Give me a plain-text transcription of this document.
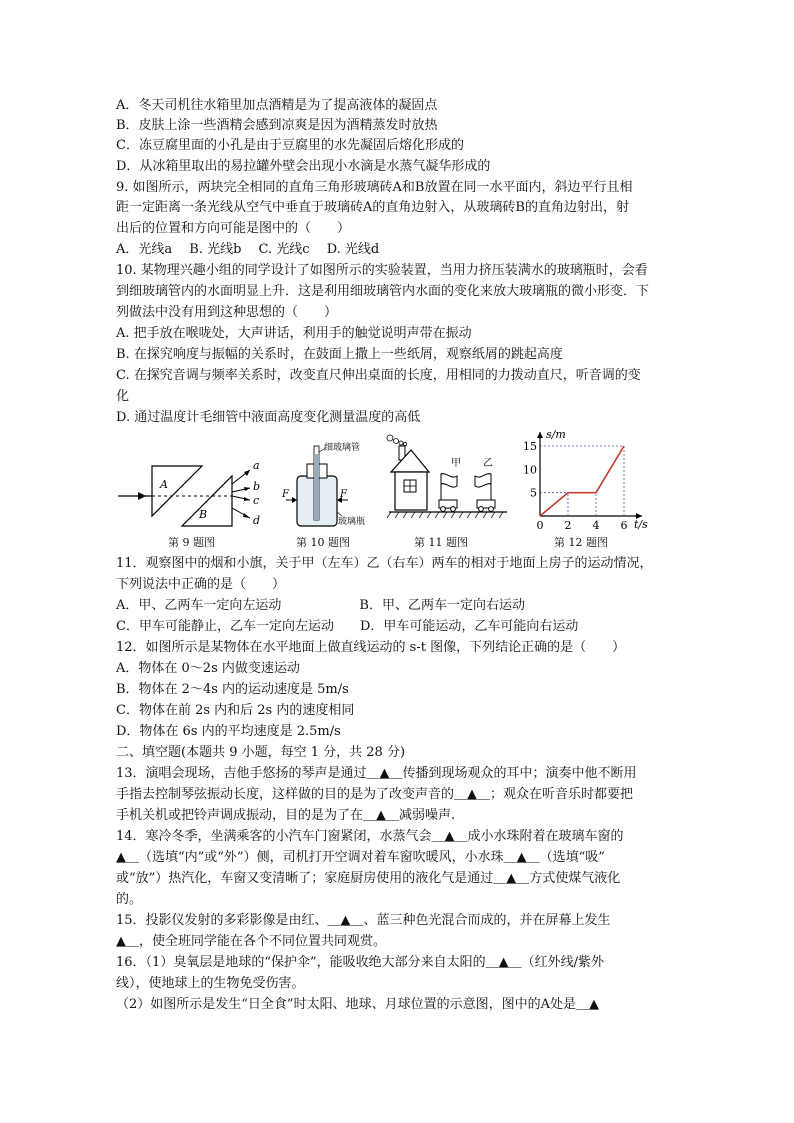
A．冬天司机往水箱里加点酒精是为了提高液体的凝固点
B．皮肤上涂一些酒精会感到凉爽是因为酒精蒸发时放热
C．冻豆腐里面的小孔是由于豆腐里的水先凝固后熔化形成的
D．从冰箱里取出的易拉罐外壁会出现小水滴是水蒸气凝华形成的
9. 如图所示，两块完全相同的直角三角形玻璃砖A和B放置在同一水平面内，斜边平行且相
距一定距离一条光线从空气中垂直于玻璃砖A的直角边射入，从玻璃砖B的直角边射出，射
出后的位置和方向可能是图中的（　　）
A．光线a　 B. 光线b　 C. 光线c　 D. 光线d
10. 某物理兴趣小组的同学设计了如图所示的实验装置，当用力挤压装满水的玻璃瓶时，会看
到细玻璃管内的水面明显上升．这是利用细玻璃管内水面的变化来放大玻璃瓶的微小形变．下
列做法中没有用到这种思想的（　　）
A. 把手放在喉咙处，大声讲话，利用手的触觉说明声带在振动
B. 在探究响度与振幅的关系时，在鼓面上撒上一些纸屑，观察纸屑的跳起高度
C. 在探究音调与频率关系时，改变直尺伸出桌面的长度，用相同的力拨动直尺，听音调的变
化
D. 通过温度计毛细管中液面高度变化测量温度的高低
11．观察图中的烟和小旗，关于甲（左车）乙（右车）两车的相对于地面上房子的运动情况，
下列说法中正确的是（　　）
A．甲、乙两车一定向左运动　　　　　　B．甲、乙两车一定向右运动
C．甲车可能静止，乙车一定向左运动　　D．甲车可能运动，乙车可能向右运动
12．如图所示是某物体在水平地面上做直线运动的 s-t 图像，下列结论正确的是（　　）
A．物体在 0～2s 内做变速运动
B．物体在 2～4s 内的运动速度是 5m/s
C．物体在前 2s 内和后 2s 内的速度相同
D．物体在 6s 内的平均速度是 2.5m/s
二、填空题(本题共 9 小题，每空 1 分，共 28 分)
13．演唱会现场，吉他手悠扬的琴声是通过＿▲＿传播到现场观众的耳中；演奏中他不断用
手指去控制琴弦振动长度，这样做的目的是为了改变声音的＿▲＿；观众在听音乐时都要把
手机关机或把铃声调成振动，目的是为了在＿▲＿减弱噪声.
14．寒冷冬季，坐满乘客的小汽车门窗紧闭，水蒸气会＿▲＿成小水珠附着在玻璃车窗的
▲＿（选填“内”或“外”）侧，司机打开空调对着车窗吹暖风，小水珠＿▲＿（选填“吸”
或“放”）热汽化，车窗又变清晰了；家庭厨房使用的液化气是通过＿▲＿方式使煤气液化
的。
15．投影仪发射的多彩影像是由红、＿▲＿、蓝三种色光混合而成的，并在屏幕上发生
▲＿，使全班同学能在各个不同位置共同观赏。
16．（1）臭氧层是地球的“保护伞”，能吸收绝大部分来自太阳的＿▲＿（红外线/紫外
线），使地球上的生物免受伤害。
（2）如图所示是发生“日全食”时太阳、地球、月球位置的示意图，图中的A处是＿▲
A
B
a
b
c
d
第 9 题图
细玻璃管
F	F
玻璃瓶
第 10 题图
甲 乙
第 11 题图
s/m
t/s
15
10
5
0 2 4 6
第 12 题图
